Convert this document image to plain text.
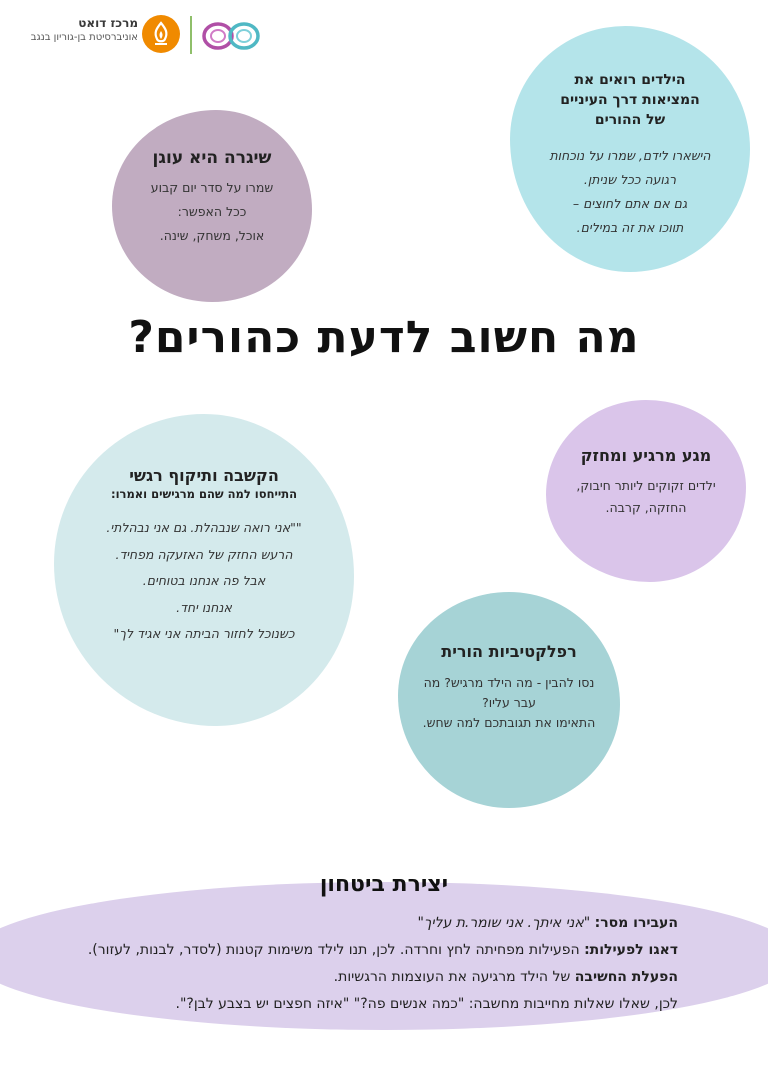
מרכז דואט
אוניברסיטת בן-גוריון בנגב
הילדים רואים את
המציאות דרך העיניים
של ההורים
הישארו לידם, שמרו על נוכחות
רגועה ככל שניתן.
גם אם אתם לחוצים –
תווכו את זה במילים.
שיגרה היא עוגן
שמרו על סדר יום קבוע
ככל האפשר:
אוכל, משחק, שינה.
מה חשוב לדעת כהורים?
מגע מרגיע ומחזק
ילדים זקוקים ליותר חיבוק,
החזקה, קרבה.
הקשבה ותיקוף רגשי
התייחסו למה שהם מרגישים ואמרו:
""אני רואה שנבהלת. גם אני נבהלתי.
הרעש החזק של האזעקה מפחיד.
אבל פה אנחנו בטוחים.
אנחנו יחד.
כשנוכל לחזור הביתה אני אגיד לך"
רפלקטיביות הורית
נסו להבין - מה הילד מרגיש? מה
עבר עליו?
התאימו את תגובתכם למה שחש.
יצירת ביטחון

העבירו מסר: "אני איתך. אני שומר.ת עליך"

דאגו לפעילות: הפעילות מפחיתה לחץ וחרדה. לכן, תנו לילד משימות קטנות (לסדר, לבנות, לעזור).

הפעלת החשיבה של הילד מרגיעה את העוצמות הרגשיות.

לכן, שאלו שאלות מחייבות מחשבה: "כמה אנשים פה?" "איזה חפצים יש בצבע לבן?".
